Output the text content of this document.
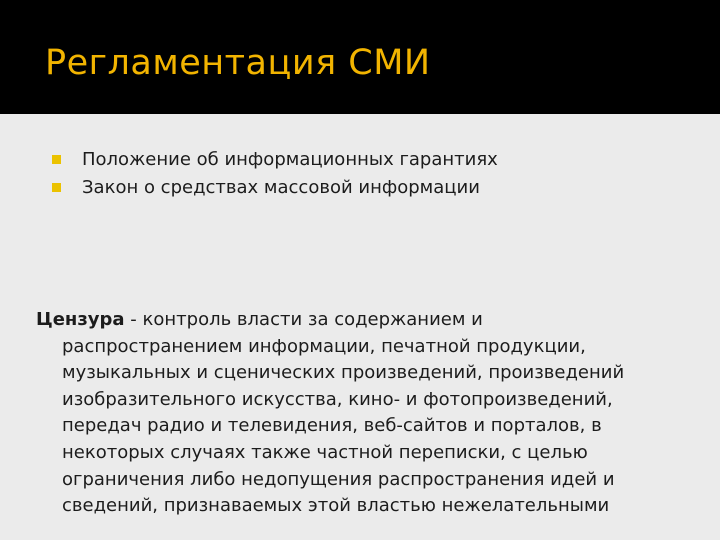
Регламентация СМИ
Положение об информационных гарантиях
Закон о средствах массовой информации
Цензура - контроль власти за содержанием и
распространением информации, печатной продукции,
музыкальных и сценических произведений, произведений
изобразительного искусства, кино- и фотопроизведений,
передач радио и телевидения, веб-сайтов и порталов, в
некоторых случаях также частной переписки, с целью
ограничения либо недопущения распространения идей и
сведений, признаваемых этой властью нежелательными
